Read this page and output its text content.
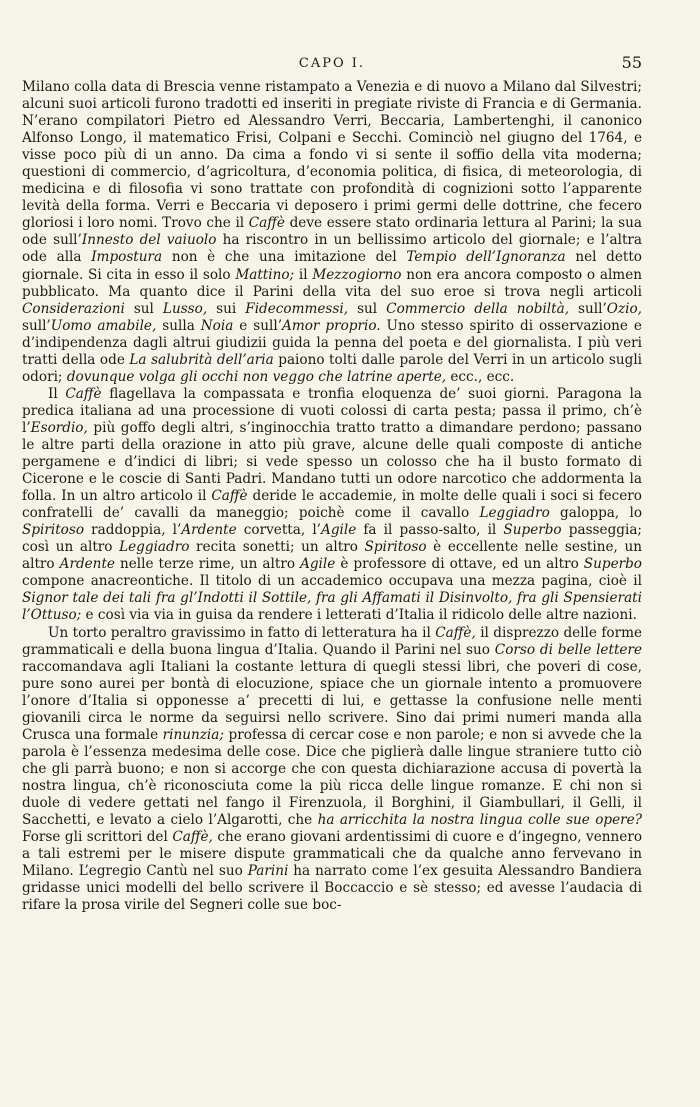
CAPO I.	55

Milano colla data di Brescia venne ristampato a Venezia e di nuovo a Milano dal Silvestri; alcuni suoi articoli furono tradotti ed inseriti in pregiate riviste di Francia e di Germania. N’erano compilatori Pietro ed Alessandro Verri, Beccaria, Lambertenghi, il canonico Alfonso Longo, il matematico Frisi, Colpani e Secchi. Cominciò nel giugno del 1764, e visse poco più di un anno. Da cima a fondo vi si sente il soffio della vita moderna; questioni di commercio, d’agricoltura, d’economia politica, di fisica, di meteorologia, di medicina e di filosofia vi sono trattate con profondità di cognizioni sotto l’apparente levità della forma. Verri e Beccaria vi deposero i primi germi delle dottrine, che fecero gloriosi i loro nomi. Trovo che il Caffè deve essere stato ordinaria lettura al Parini; la sua ode sull’Innesto del vaiuolo ha riscontro in un bellissimo articolo del giornale; e l’altra ode alla Impostura non è che una imitazione del Tempio dell’Ignoranza nel detto giornale. Si cita in esso il solo Mattino; il Mezzogiorno non era ancora composto o almen pubblicato. Ma quanto dice il Parini della vita del suo eroe si trova negli articoli Considerazioni sul Lusso, sui Fidecommessi, sul Commercio della nobiltà, sull’Ozio, sull’Uomo amabile, sulla Noia e sull’Amor proprio. Uno stesso spirito di osservazione e d’indipendenza dagli altrui giudizii guida la penna del poeta e del giornalista. I più veri tratti della ode La salubrità dell’aria paiono tolti dalle parole del Verri in un articolo sugli odori; dovunque volga gli occhi non veggo che latrine aperte, ecc., ecc.

Il Caffè flagellava la compassata e tronfia eloquenza de’ suoi giorni. Paragona la predica italiana ad una processione di vuoti colossi di carta pesta; passa il primo, ch’è l’Esordio, più goffo degli altri, s’inginocchia tratto tratto a dimandare perdono; passano le altre parti della orazione in atto più grave, alcune delle quali composte di antiche pergamene e d’indici di libri; si vede spesso un colosso che ha il busto formato di Cicerone e le coscie di Santi Padri. Mandano tutti un odore narcotico che addormenta la folla. In un altro articolo il Caffè deride le accademie, in molte delle quali i soci si fecero confratelli de’ cavalli da maneggio; poichè come il cavallo Leggiadro galoppa, lo Spiritoso raddoppia, l’Ardente corvetta, l’Agile fa il passo-salto, il Superbo passeggia; così un altro Leggiadro recita sonetti; un altro Spiritoso è eccellente nelle sestine, un altro Ardente nelle terze rime, un altro Agile è professore di ottave, ed un altro Superbo compone anacreontiche. Il titolo di un accademico occupava una mezza pagina, cioè il Signor tale dei tali fra gl’Indotti il Sottile, fra gli Affamati il Disinvolto, fra gli Spensierati l’Ottuso; e così via via in guisa da rendere i letterati d’Italia il ridicolo delle altre nazioni.

Un torto peraltro gravissimo in fatto di letteratura ha il Caffè, il disprezzo delle forme grammaticali e della buona lingua d’Italia. Quando il Parini nel suo Corso di belle lettere raccomandava agli Italiani la costante lettura di quegli stessi libri, che poveri di cose, pure sono aurei per bontà di elocuzione, spiace che un giornale intento a promuovere l’onore d’Italia si opponesse a’ precetti di lui, e gettasse la confusione nelle menti giovanili circa le norme da seguirsi nello scrivere. Sino dai primi numeri manda alla Crusca una formale rinunzia; professa di cercar cose e non parole; e non si avvede che la parola è l’essenza medesima delle cose. Dice che piglierà dalle lingue straniere tutto ciò che gli parrà buono; e non si accorge che con questa dichiarazione accusa di povertà la nostra lingua, ch’è riconosciuta come la più ricca delle lingue romanze. E chi non si duole di vedere gettati nel fango il Firenzuola, il Borghini, il Giambullari, il Gelli, il Sacchetti, e levato a cielo l’Algarotti, che ha arricchita la nostra lingua colle sue opere? Forse gli scrittori del Caffè, che erano giovani ardentissimi di cuore e d’ingegno, vennero a tali estremi per le misere dispute grammaticali che da qualche anno fervevano in Milano. L’egregio Cantù nel suo Parini ha narrato come l’ex gesuita Alessandro Bandiera gridasse unici modelli del bello scrivere il Boccaccio e sè stesso; ed avesse l’audacia di rifare la prosa virile del Segneri colle sue boc-
